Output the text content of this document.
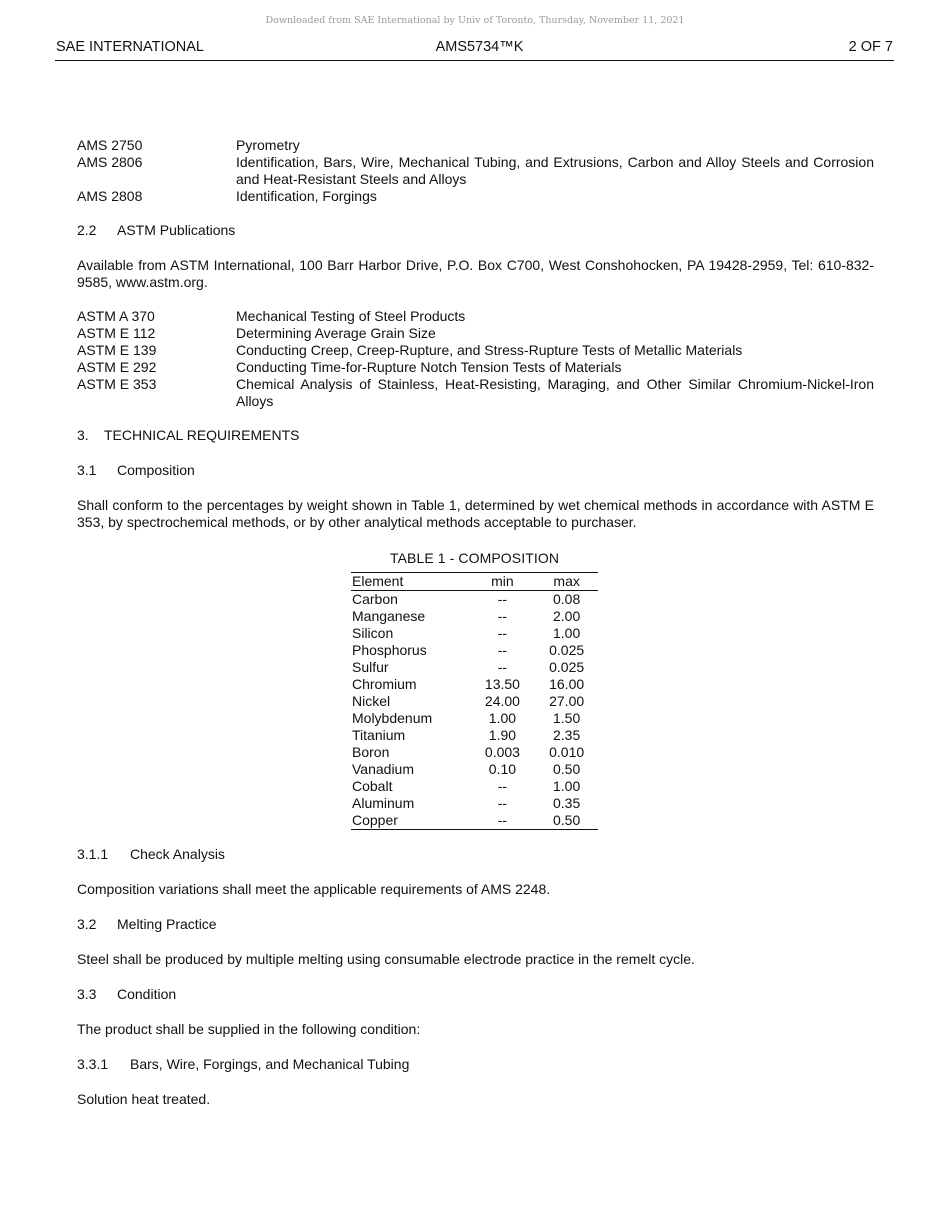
Downloaded from SAE International by Univ of Toronto, Thursday, November 11, 2021
SAE INTERNATIONAL	AMS5734™K	2 OF 7
AMS 2750	Pyrometry
AMS 2806	Identification, Bars, Wire, Mechanical Tubing, and Extrusions, Carbon and Alloy Steels and Corrosion and Heat-Resistant Steels and Alloys
AMS 2808	Identification, Forgings
2.2	ASTM Publications

Available from ASTM International, 100 Barr Harbor Drive, P.O. Box C700, West Conshohocken, PA 19428-2959, Tel: 610-832-9585, www.astm.org.

ASTM A 370	Mechanical Testing of Steel Products
ASTM E 112	Determining Average Grain Size
ASTM E 139	Conducting Creep, Creep-Rupture, and Stress-Rupture Tests of Metallic Materials
ASTM E 292	Conducting Time-for-Rupture Notch Tension Tests of Materials
ASTM E 353	Chemical Analysis of Stainless, Heat-Resisting, Maraging, and Other Similar Chromium-Nickel-Iron Alloys
3.	TECHNICAL REQUIREMENTS
3.1	Composition

Shall conform to the percentages by weight shown in Table 1, determined by wet chemical methods in accordance with ASTM E 353, by spectrochemical methods, or by other analytical methods acceptable to purchaser.

TABLE 1 - COMPOSITION
Element	min	max
Carbon	--	0.08
Manganese	--	2.00
Silicon	--	1.00
Phosphorus	--	0.025
Sulfur	--	0.025
Chromium	13.50	16.00
Nickel	24.00	27.00
Molybdenum	1.00	1.50
Titanium	1.90	2.35
Boron	0.003	0.010
Vanadium	0.10	0.50
Cobalt	--	1.00
Aluminum	--	0.35
Copper	--	0.50
3.1.1	Check Analysis

Composition variations shall meet the applicable requirements of AMS 2248.

3.2	Melting Practice

Steel shall be produced by multiple melting using consumable electrode practice in the remelt cycle.

3.3	Condition

The product shall be supplied in the following condition:

3.3.1	Bars, Wire, Forgings, and Mechanical Tubing

Solution heat treated.
